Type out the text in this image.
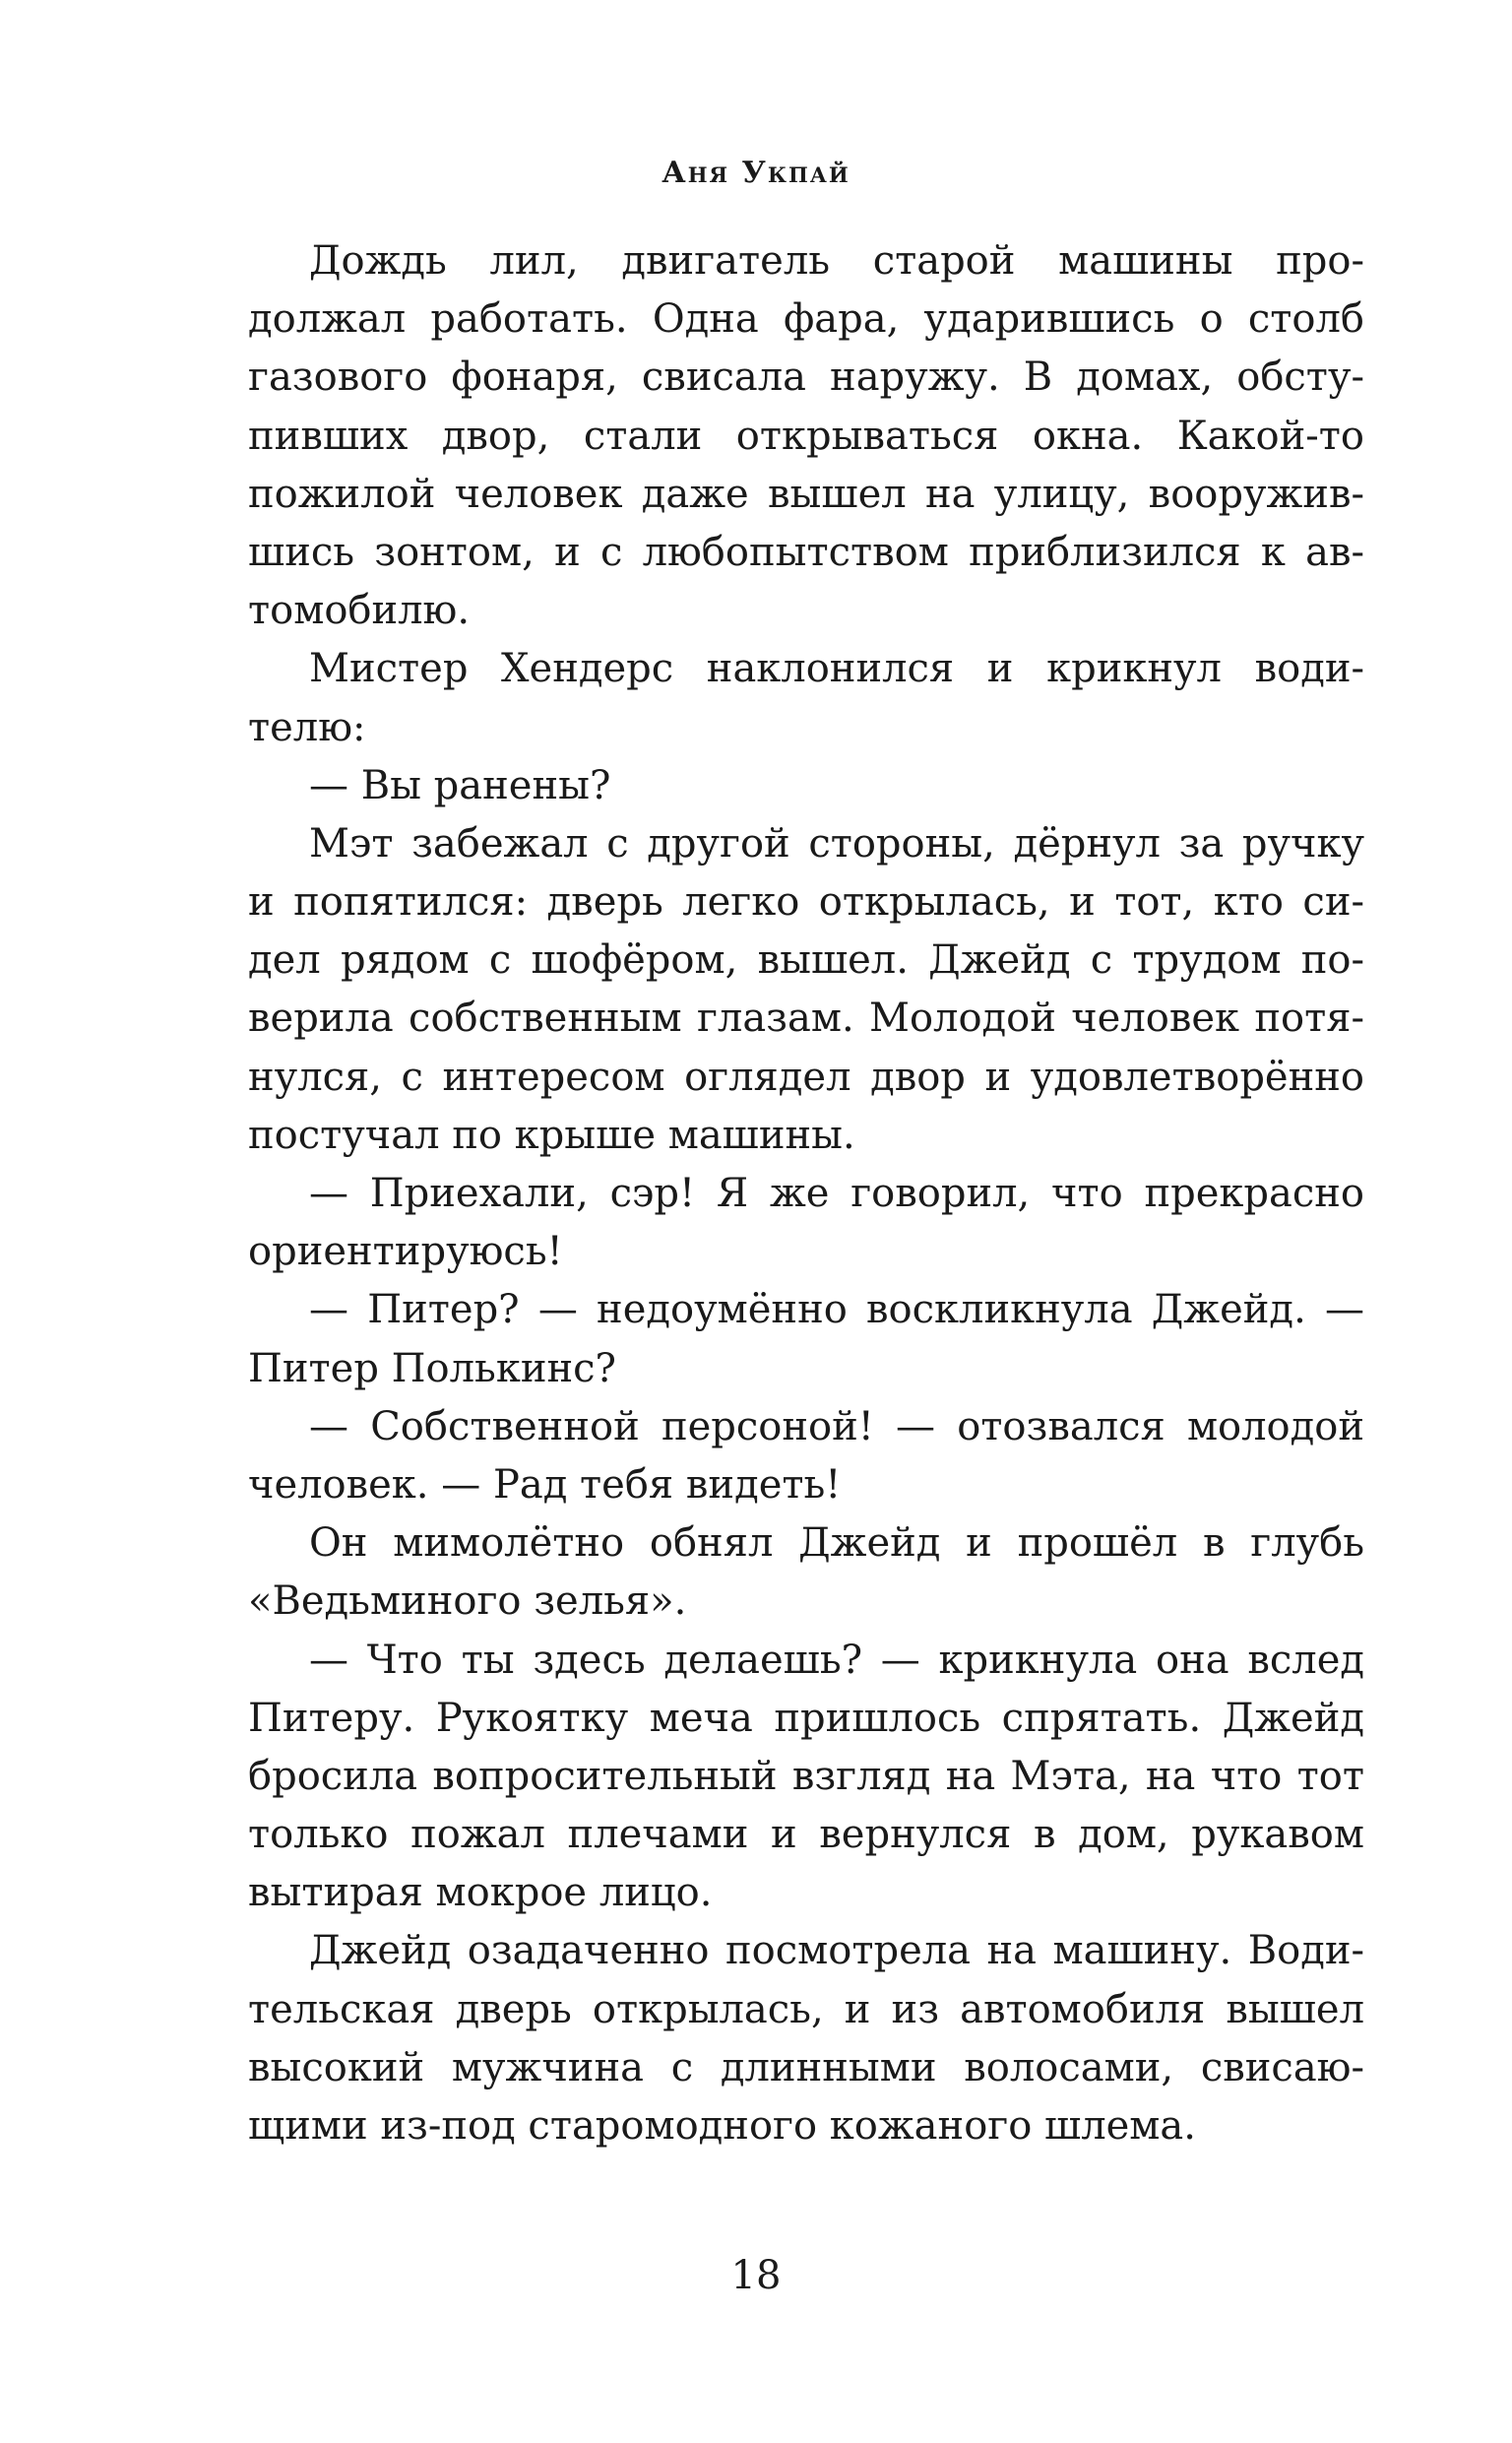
Аня Укпай
Дождь лил, двигатель старой машины про-
должал работать. Одна фара, ударившись о столб
газового фонаря, свисала наружу. В домах, обсту-
пивших двор, стали открываться окна. Какой-то
пожилой человек даже вышел на улицу, вооружив-
шись зонтом, и с любопытством приблизился к ав-
томобилю.
Мистер Хендерс наклонился и крикнул води-
телю:
— Вы ранены?
Мэт забежал с другой стороны, дёрнул за ручку
и попятился: дверь легко открылась, и тот, кто си-
дел рядом с шофёром, вышел. Джейд с трудом по-
верила собственным глазам. Молодой человек потя-
нулся, с интересом оглядел двор и удовлетворённо
постучал по крыше машины.
— Приехали, сэр! Я же говорил, что прекрасно
ориентируюсь!
— Питер? — недоумённо воскликнула Джейд. —
Питер Полькинс?
— Собственной персоной! — отозвался молодой
человек. — Рад тебя видеть!
Он мимолётно обнял Джейд и прошёл в глубь
«Ведьминого зелья».
— Что ты здесь делаешь? — крикнула она вслед
Питеру. Рукоятку меча пришлось спрятать. Джейд
бросила вопросительный взгляд на Мэта, на что тот
только пожал плечами и вернулся в дом, рукавом
вытирая мокрое лицо.
Джейд озадаченно посмотрела на машину. Води-
тельская дверь открылась, и из автомобиля вышел
высокий мужчина с длинными волосами, свисаю-
щими из-под старомодного кожаного шлема.
18
